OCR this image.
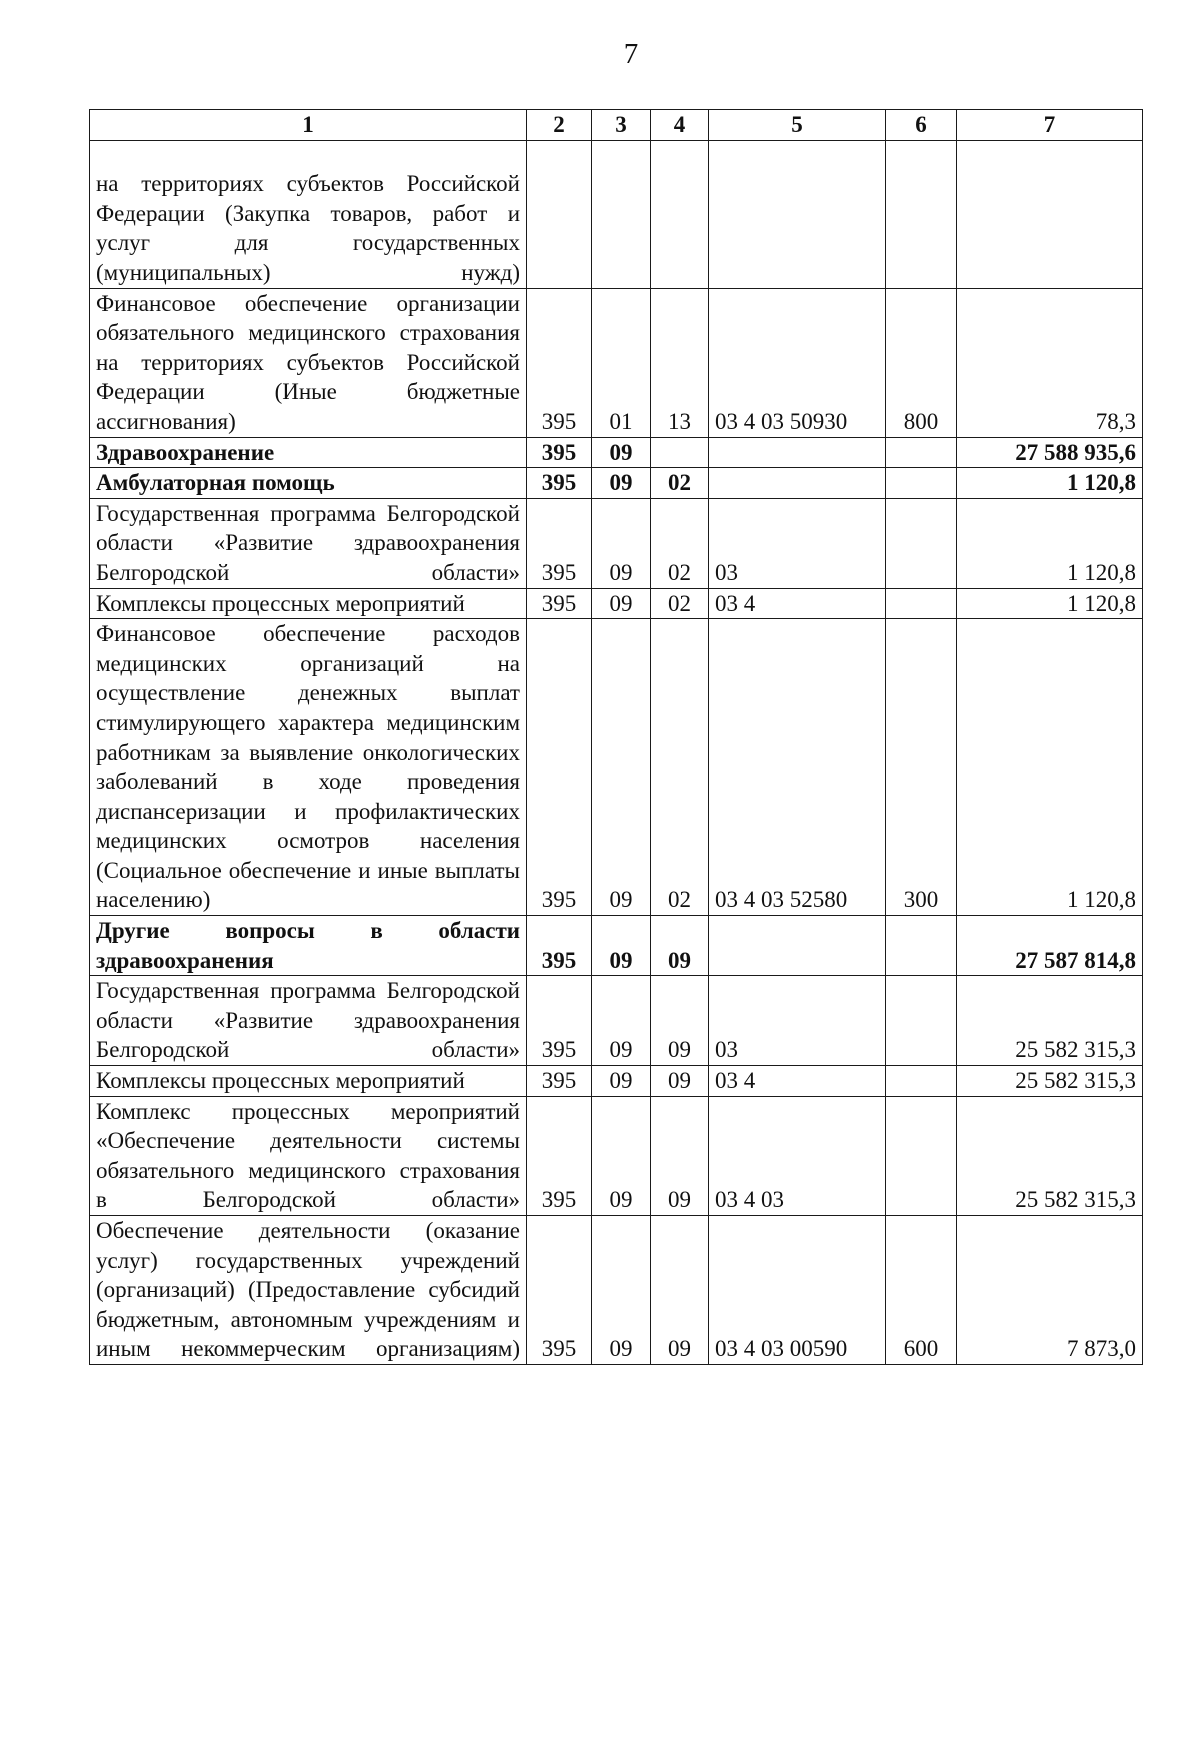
7
1	2	3	4	5	6	7
на территориях субъектов Российской Федерации (Закупка товаров, работ и услуг для государственных (муниципальных) нужд)						
Финансовое обеспечение организации обязательного медицинского страхования на территориях субъектов Российской Федерации (Иные бюджетные ассигнования)	395	01	13	03 4 03 50930	800	78,3
Здравоохранение	395	09				27 588 935,6
Амбулаторная помощь	395	09	02			1 120,8
Государственная программа Белгородской области «Развитие здравоохранения Белгородской области»	395	09	02	03		1 120,8
Комплексы процессных мероприятий	395	09	02	03 4		1 120,8
Финансовое обеспечение расходов медицинских организаций на осуществление денежных выплат стимулирующего характера медицинским работникам за выявление онкологических заболеваний в ходе проведения диспансеризации и профилактических медицинских осмотров населения (Социальное обеспечение и иные выплаты населению)	395	09	02	03 4 03 52580	300	1 120,8
Другие вопросы в области здравоохранения	395	09	09			27 587 814,8
Государственная программа Белгородской области «Развитие здравоохранения Белгородской области»	395	09	09	03		25 582 315,3
Комплексы процессных мероприятий	395	09	09	03 4		25 582 315,3
Комплекс процессных мероприятий «Обеспечение деятельности системы обязательного медицинского страхования в Белгородской области»	395	09	09	03 4 03		25 582 315,3
Обеспечение деятельности (оказание услуг) государственных учреждений (организаций) (Предоставление субсидий бюджетным, автономным учреждениям и иным некоммерческим организациям)	395	09	09	03 4 03 00590	600	7 873,0
